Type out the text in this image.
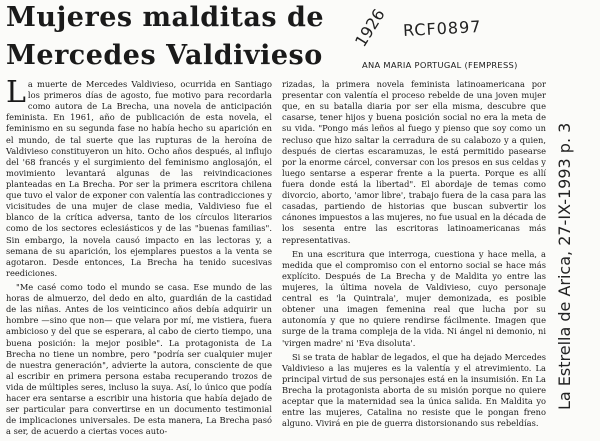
Mujeres malditas de
Mercedes Valdivieso
1926 RCF0897
La Estrella de Arica, 27-IX-1993 p. 3
ANA MARIA PORTUGAL (FEMPRESS)

La muerte de Mercedes Valdivieso, ocurrida en Santiago los primeros días de agosto, fue motivo para recordarla como autora de La Brecha, una novela de anticipación feminista. En 1961, año de publicación de esta novela, el feminismo en su segunda fase no había hecho su aparición en el mundo, de tal suerte que las rupturas de la heroína de Valdivieso constituyeron un hito. Ocho años después, al influjo del '68 francés y el surgimiento del feminismo anglosajón, el movimiento levantará algunas de las reivindicaciones planteadas en La Brecha. Por ser la primera escritora chilena que tuvo el valor de exponer con valentía las contradicciones y vicisitudes de una mujer de clase media, Valdivieso fue el blanco de la crítica adversa, tanto de los círculos literarios como de los sectores eclesiásticos y de las "buenas familias". Sin embargo, la novela causó impacto en las lectoras y, a semana de su aparición, los ejemplares puestos a la venta se agotaron. Desde entonces, La Brecha ha tenido sucesivas reediciones.

"Me casé como todo el mundo se casa. Ese mundo de las horas de almuerzo, del dedo en alto, guardián de la castidad de las niñas. Antes de los veinticinco años debía adquirir un hombre —sino que non— que velara por mí, me vistiera, fuera ambicioso y del que se esperara, al cabo de cierto tiempo, una buena posición: la mejor posible". La protagonista de La Brecha no tiene un nombre, pero "podría ser cualquier mujer de nuestra generación", advierte la autora, consciente de que al escribir en primera persona estaba recuperando trozos de vida de múltiples seres, incluso la suya. Así, lo único que podía hacer era sentarse a escribir una historia que había dejado de ser particular para convertirse en un documento testimonial de implicaciones universales. De esta manera, La Brecha pasó a ser, de acuerdo a ciertas voces auto-

rizadas, la primera novela feminista latinoamericana por presentar con valentía el proceso rebelde de una joven mujer que, en su batalla diaria por ser ella misma, descubre que casarse, tener hijos y buena posición social no era la meta de su vida. "Pongo más leños al fuego y pienso que soy como un recluso que hizo saltar la cerradura de su calabozo y a quien, después de ciertas escaramuzas, le está permitido pasearse por la enorme cárcel, conversar con los presos en sus celdas y luego sentarse a esperar frente a la puerta. Porque es allí fuera donde está la libertad". El abordaje de temas como divorcio, aborto, 'amor libre', trabajo fuera de la casa para las casadas, partiendo de historias que buscan subvertir los cánones impuestos a las mujeres, no fue usual en la década de los sesenta entre las escritoras latinoamericanas más representativas.

En una escritura que interroga, cuestiona y hace mella, a medida que el compromiso con el entorno social se hace más explícito. Después de La Brecha y de Maldita yo entre las mujeres, la última novela de Valdivieso, cuyo personaje central es 'la Quintrala', mujer demonizada, es posible obtener una imagen femenina real que lucha por su autonomía y que no quiere rendirse fácilmente. Imagen que surge de la trama compleja de la vida. Ni ángel ni demonio, ni 'virgen madre' ni 'Eva disoluta'.

Si se trata de hablar de legados, el que ha dejado Mercedes Valdivieso a las mujeres es la valentía y el atrevimiento. La principal virtud de sus personajes está en la insumisión. En La Brecha la protagonista aborta de su misión porque no quiere aceptar que la maternidad sea la única salida. En Maldita yo entre las mujeres, Catalina no resiste que le pongan freno alguno. Vivirá en pie de guerra distorsionando sus rebeldías.
